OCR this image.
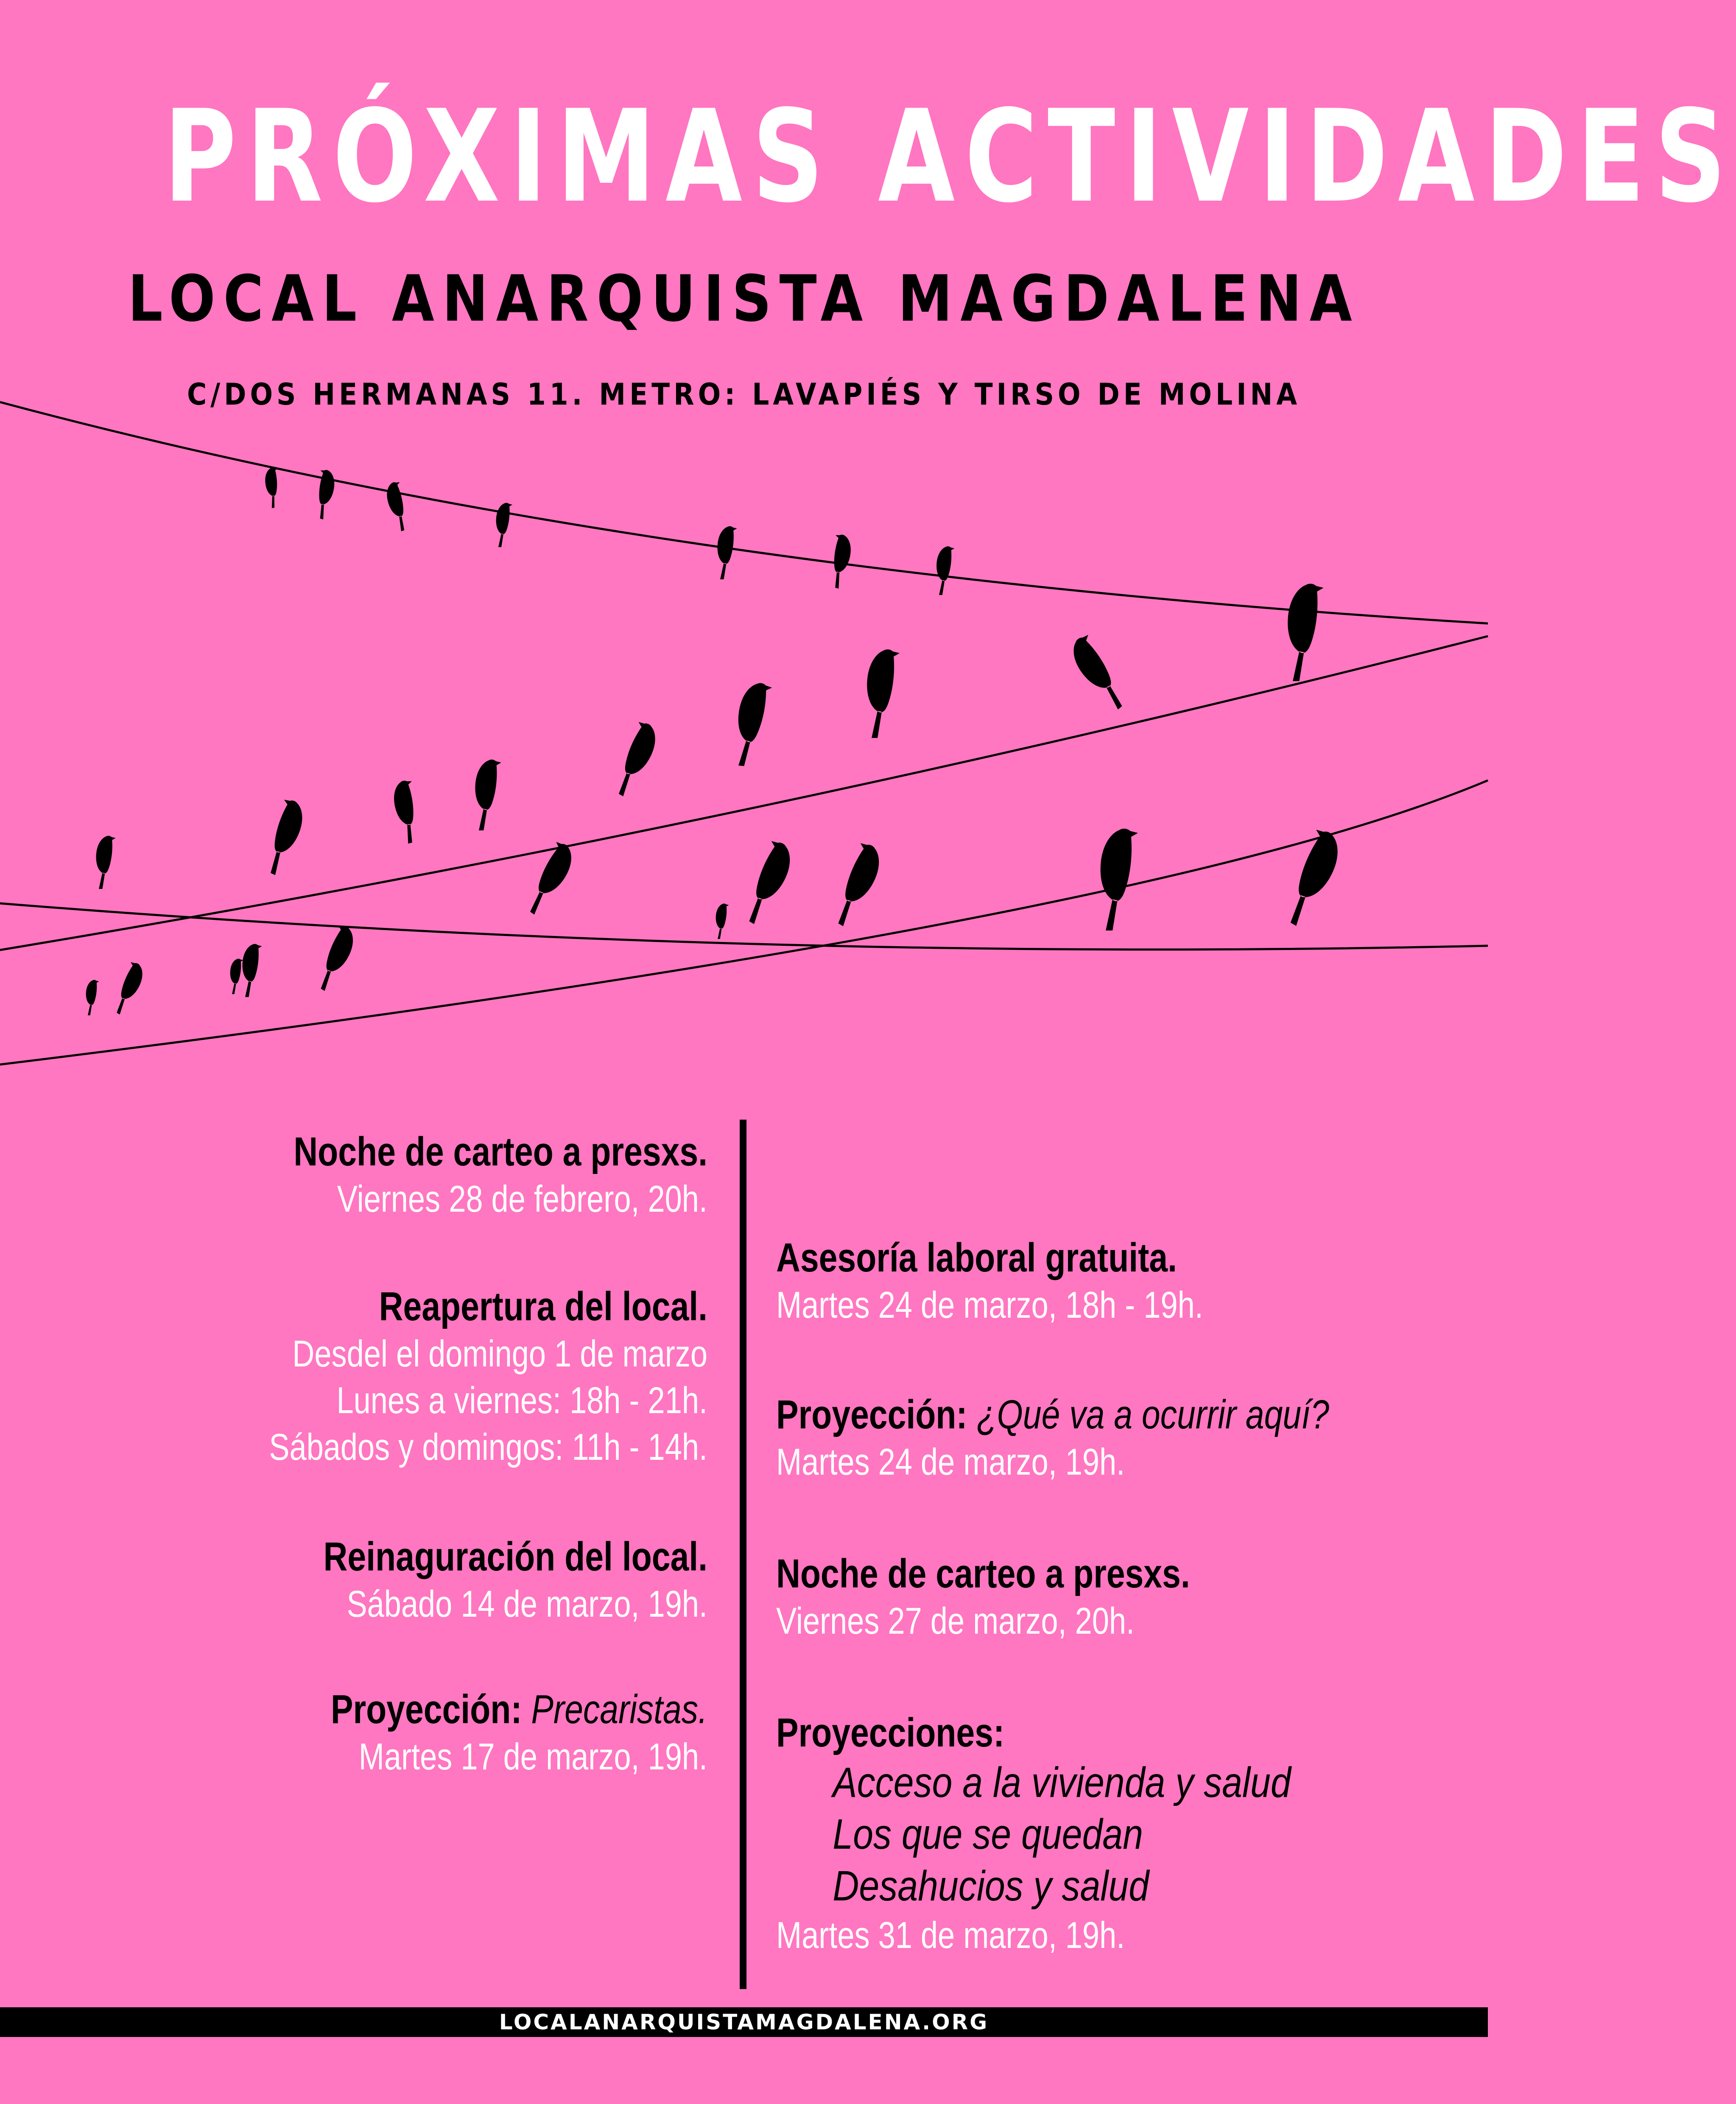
PRÓXIMAS ACTIVIDADES
LOCAL ANARQUISTA MAGDALENA
C/DOS HERMANAS 11. METRO: LAVAPIÉS Y TIRSO DE MOLINA
Noche de carteo a presxs.
Viernes 28 de febrero, 20h.
Reapertura del local.
Desdel el domingo 1 de marzo
Lunes a viernes: 18h - 21h.
Sábados y domingos: 11h - 14h.
Reinaguración del local.
Sábado 14 de marzo, 19h.
Proyección: Precaristas.
Martes 17 de marzo, 19h.
Asesoría laboral gratuita.
Martes 24 de marzo, 18h - 19h.
Proyección: ¿Qué va a ocurrir aquí?
Martes 24 de marzo, 19h.
Noche de carteo a presxs.
Viernes 27 de marzo, 20h.
Proyecciones:
Acceso a la vivienda y salud
Los que se quedan
Desahucios y salud
Martes 31 de marzo, 19h.
LOCALANARQUISTAMAGDALENA.ORG
